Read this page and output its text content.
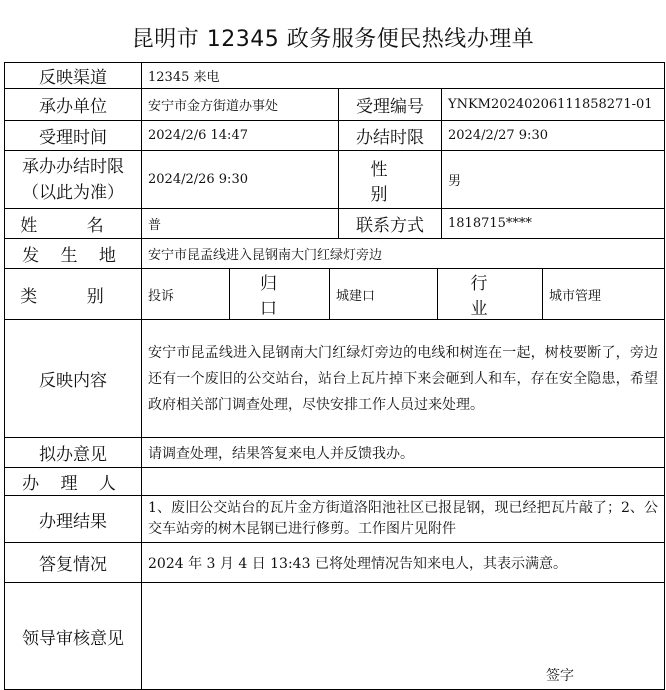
昆明市 12345 政务服务便民热线办理单
反映渠道	12345 来电						
承办单位	安宁市金方街道办事处			受理编号		YNKM20240206111858271-01	
受理时间	2024/2/6 14:47			办结时限		2024/2/27 9:30	

承办办结时限
（以此为准）	2024/2/26 9:30			性 别		男	
姓 名	普			联系方式		1818715****	
发 生 地	安宁市昆孟线进入昆钢南大门红绿灯旁边						
类 别	投诉	归 口	城建口		行 业		城市管理
反映内容	安宁市昆孟线进入昆钢南大门红绿灯旁边的电线和树连在一起，树枝要断了，旁边还有一个废旧的公交站台，站台上瓦片掉下来会砸到人和车，存在安全隐患，希望政府相关部门调查处理，尽快安排工作人员过来处理。						
拟办意见	请调查处理，结果答复来电人并反馈我办。						
办 理 人							
办理结果	1、废旧公交站台的瓦片金方街道洛阳池社区已报昆钢，现已经把瓦片敲了；2、公交车站旁的树木昆钢已进行修剪。工作图片见附件						
答复情况	2024 年 3 月 4 日 13:43 已将处理情况告知来电人，其表示满意。						
领导审核意见	签字						
